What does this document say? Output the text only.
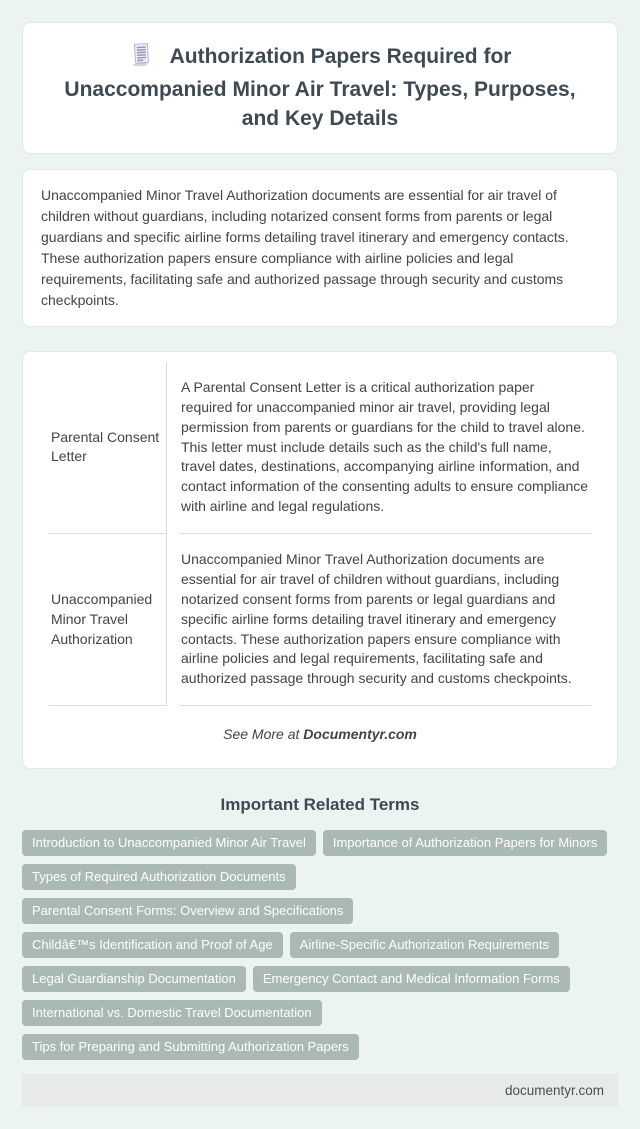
Authorization Papers Required for Unaccompanied Minor Air Travel: Types, Purposes, and Key Details

Unaccompanied Minor Travel Authorization documents are essential for air travel of children without guardians, including notarized consent forms from parents or legal guardians and specific airline forms detailing travel itinerary and emergency contacts. These authorization papers ensure compliance with airline policies and legal requirements, facilitating safe and authorized passage through security and customs checkpoints.

Parental Consent Letter	A Parental Consent Letter is a critical authorization paper required for unaccompanied minor air travel, providing legal permission from parents or guardians for the child to travel alone. This letter must include details such as the child's full name, travel dates, destinations, accompanying airline information, and contact information of the consenting adults to ensure compliance with airline and legal regulations.
Unaccompanied Minor Travel Authorization	Unaccompanied Minor Travel Authorization documents are essential for air travel of children without guardians, including notarized consent forms from parents or legal guardians and specific airline forms detailing travel itinerary and emergency contacts. These authorization papers ensure compliance with airline policies and legal requirements, facilitating safe and authorized passage through security and customs checkpoints.

See More at Documentyr.com

Important Related Terms
Introduction to Unaccompanied Minor Air Travel	Importance of Authorization Papers for Minors
Types of Required Authorization Documents
Parental Consent Forms: Overview and Specifications
Childâ€™s Identification and Proof of Age	Airline-Specific Authorization Requirements
Legal Guardianship Documentation	Emergency Contact and Medical Information Forms
International vs. Domestic Travel Documentation
Tips for Preparing and Submitting Authorization Papers
documentyr.com
